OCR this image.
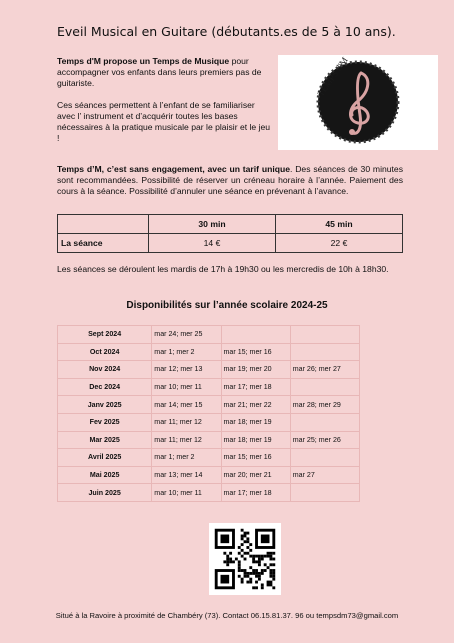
Eveil Musical en Guitare (débutants.es de 5 à 10 ans).

Temps d'M propose un Temps de Musique pour accompagner vos enfants dans leurs premiers pas de guitariste.

Ces séances permettent à l’enfant de se familiariser avec l’ instrument et d’acquérir toutes les bases nécessaires à la pratique musicale par le plaisir et le jeu !

TEMPS d'M
Temps d’M, c’est sans engagement, avec un tarif unique. Des séances de 30 minutes sont recommandées. Possibilité de réserver un créneau horaire à l’année. Paiement des cours à la séance. Possibilité d’annuler une séance en prévenant à l’avance.
	30 min	45 min
La séance	14 €	22 €
Les séances se déroulent les mardis de 17h à 19h30 ou les mercredis de 10h à 18h30.
Disponibilités sur l’année scolaire 2024-25
Sept 2024	mar 24; mer 25		
Oct 2024	mar 1; mer 2	mar 15; mer 16	
Nov 2024	mar 12; mer 13	mar 19; mer 20	mar 26; mer 27
Dec 2024	mar 10; mer 11	mar 17; mer 18	
Janv 2025	mar 14; mer 15	mar 21; mer 22	mar 28; mer 29
Fev 2025	mar 11; mer 12	mar 18; mer 19	
Mar 2025	mar 11; mer 12	mar 18; mer 19	mar 25; mer 26
Avril 2025	mar 1; mer 2	mar 15; mer 16	
Mai 2025	mar 13; mer 14	mar 20; mer 21	mar 27
Juin 2025	mar 10; mer 11	mar 17; mer 18	
Situé à la Ravoire à proximité de Chambéry (73). Contact 06.15.81.37. 96 ou tempsdm73@gmail.com
